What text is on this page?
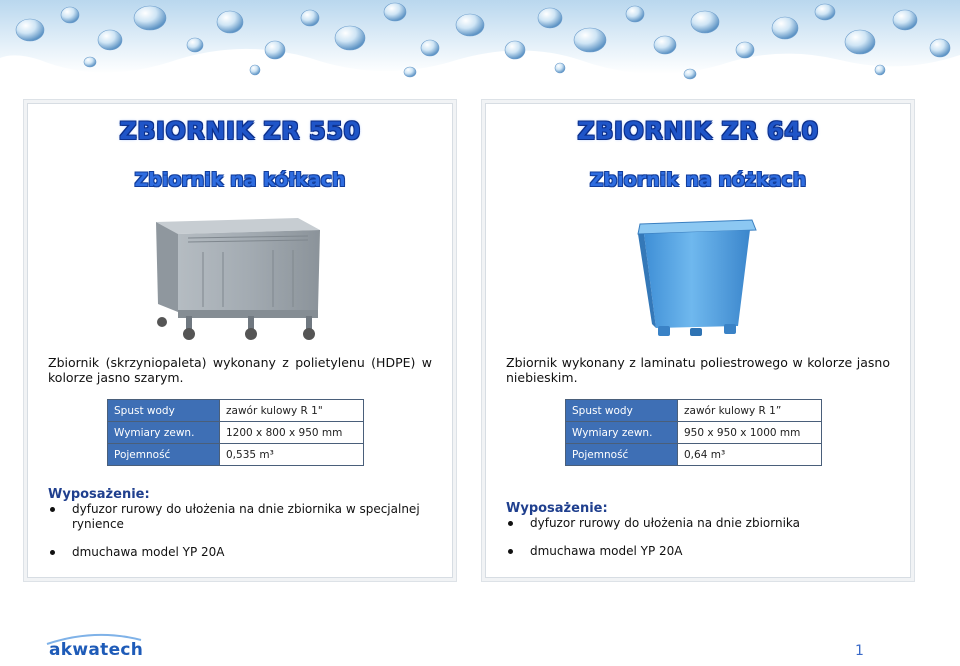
ZBIORNIK ZR 550
Zbiornik na kółkach
Zbiornik (skrzyniopaleta) wykonany z polietylenu (HDPE) w kolorze jasno szarym.
Spust wody	zawór kulowy R 1"
Wymiary zewn.	1200 x 800 x 950 mm
Pojemność	0,535 m³
Wyposażenie:
dyfuzor rurowy do ułożenia na dnie zbiornika w specjalnej rynience
dmuchawa model YP 20A
ZBIORNIK ZR 640
Zbiornik na nóżkach
Zbiornik wykonany z laminatu poliestrowego w kolorze jasno niebieskim.
Spust wody	zawór kulowy R 1”
Wymiary zewn.	950 x 950 x 1000 mm
Pojemność	0,64 m³
Wyposażenie:
dyfuzor rurowy do ułożenia na dnie zbiornika
dmuchawa model YP 20A
akwatech	1
